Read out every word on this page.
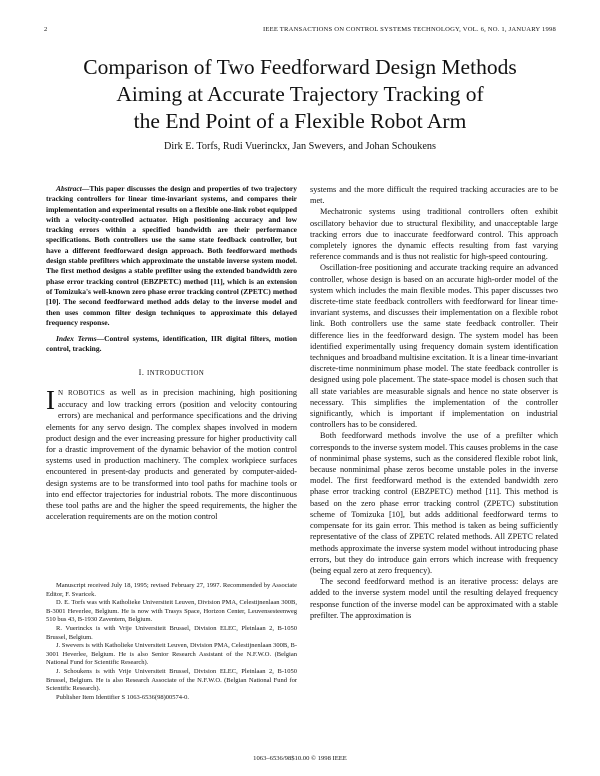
2	IEEE TRANSACTIONS ON CONTROL SYSTEMS TECHNOLOGY, VOL. 6, NO. 1, JANUARY 1998
Comparison of Two Feedforward Design Methods
Aiming at Accurate Trajectory Tracking of
the End Point of a Flexible Robot Arm
Dirk E. Torfs, Rudi Vuerinckx, Jan Swevers, and Johan Schoukens

Abstract—This paper discusses the design and properties of two trajectory tracking controllers for linear time-invariant systems, and compares their implementation and experimental results on a flexible one-link robot equipped with a velocity-controlled actuator. High positioning accuracy and low tracking errors within a specified bandwidth are their performance specifications. Both controllers use the same state feedback controller, but have a different feedforward design approach. Both feedforward methods design stable prefilters which approximate the unstable inverse system model. The first method designs a stable prefilter using the extended bandwidth zero phase error tracking control (EBZPETC) method [11], which is an extension of Tomizuka's well-known zero phase error tracking control (ZPETC) method [10]. The second feedforward method adds delay to the inverse model and then uses common filter design techniques to approximate this delayed frequency response.

Index Terms—Control systems, identification, IIR digital filters, motion control, tracking.

I. INTRODUCTION

I N ROBOTICS as well as in precision machining, high positioning accuracy and low tracking errors (position and velocity contouring errors) are mechanical and performance specifications and the driving elements for any servo design. The complex shapes involved in modern product design and the ever increasing pressure for higher productivity call for a drastic improvement of the dynamic behavior of the motion control systems used in production machinery. The complex workpiece surfaces encountered in present-day products and generated by computer-aided-design systems are to be transformed into tool paths for machine tools or into end effector trajectories for industrial robots. The more discontinuous these tool paths are and the higher the speed requirements, the higher the acceleration requirements are on the motion control

Manuscript received July 18, 1995; revised February 27, 1997. Recommended by Associate Editor, F. Svaricek.

D. E. Torfs was with Katholieke Universiteit Leuven, Division PMA, Celestijnenlaan 300B, B-3001 Heverlee, Belgium. He is now with Trasys Space, Horizon Center, Leuvensesteenweg 510 bus 43, B-1930 Zaventem, Belgium.

R. Vuerinckx is with Vrije Universiteit Brussel, Division ELEC, Pleinlaan 2, B-1050 Brussel, Belgium.

J. Swevers is with Katholieke Universiteit Leuven, Division PMA, Celestijnenlaan 300B, B-3001 Heverlee, Belgium. He is also Senior Research Assistant of the N.F.W.O. (Belgian National Fund for Scientific Research).

J. Schoukens is with Vrije Universiteit Brussel, Division ELEC, Pleinlaan 2, B-1050 Brussel, Belgium. He is also Research Associate of the N.F.W.O. (Belgian National Fund for Scientific Research).

Publisher Item Identifier S 1063-6536(98)00574-0.

systems and the more difficult the required tracking accuracies are to be met.

Mechatronic systems using traditional controllers often exhibit oscillatory behavior due to structural flexibility, and unacceptable large tracking errors due to inaccurate feedforward control. This approach completely ignores the dynamic effects resulting from fast varying reference commands and is thus not realistic for high-speed contouring.

Oscillation-free positioning and accurate tracking require an advanced controller, whose design is based on an accurate high-order model of the system which includes the main flexible modes. This paper discusses two discrete-time state feedback controllers with feedforward for linear time-invariant systems, and discusses their implementation on a flexible robot link. Both controllers use the same state feedback controller. Their difference lies in the feedforward design. The system model has been identified experimentally using frequency domain system identification techniques and broadband multisine excitation. It is a linear time-invariant discrete-time nonminimum phase model. The state feedback controller is designed using pole placement. The state-space model is chosen such that all state variables are measurable signals and hence no state observer is necessary. This simplifies the implementation of the controller significantly, which is important if implementation on industrial controllers has to be considered.

Both feedforward methods involve the use of a prefilter which corresponds to the inverse system model. This causes problems in the case of nonminimal phase systems, such as the considered flexible robot link, because nonminimal phase zeros become unstable poles in the inverse model. The first feedforward method is the extended bandwidth zero phase error tracking control (EBZPETC) method [11]. This method is based on the zero phase error tracking control (ZPETC) substitution scheme of Tomizuka [10], but adds additional feedforward terms to compensate for its gain error. This method is taken as being sufficiently representative of the class of ZPETC related methods. All ZPETC related methods approximate the inverse system model without introducing phase errors, but they do introduce gain errors which increase with frequency (being equal zero at zero frequency).

The second feedforward method is an iterative process: delays are added to the inverse system model until the resulting delayed frequency response function of the inverse model can be approximated with a stable prefilter. The approximation is

1063–6536/98$10.00 © 1998 IEEE
